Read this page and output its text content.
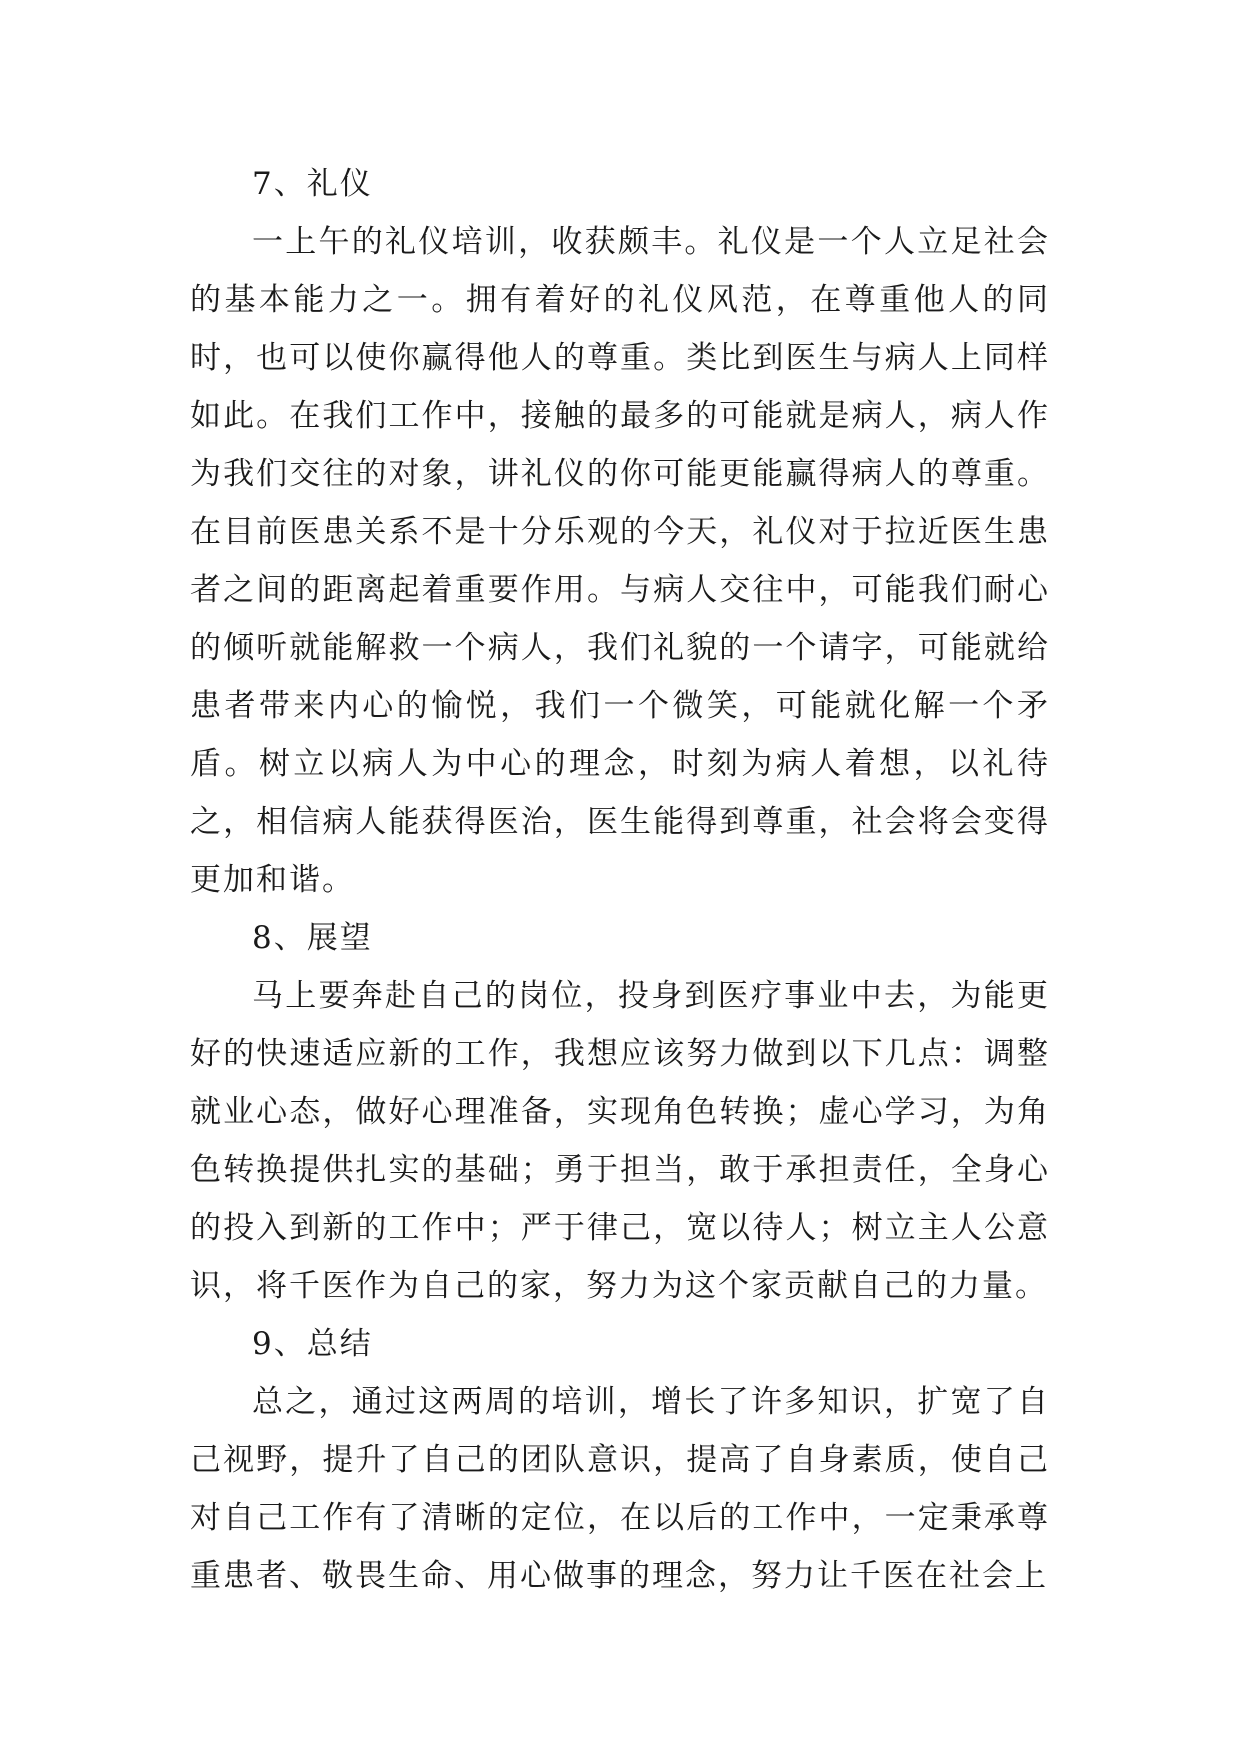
7、礼仪

一上午的礼仪培训，收获颇丰。礼仪是一个人立足社会的基本能力之一。拥有着好的礼仪风范，在尊重他人的同时，也可以使你赢得他人的尊重。类比到医生与病人上同样如此。在我们工作中，接触的最多的可能就是病人，病人作为我们交往的对象，讲礼仪的你可能更能赢得病人的尊重。在目前医患关系不是十分乐观的今天，礼仪对于拉近医生患者之间的距离起着重要作用。与病人交往中，可能我们耐心的倾听就能解救一个病人，我们礼貌的一个请字，可能就给患者带来内心的愉悦，我们一个微笑，可能就化解一个矛盾。树立以病人为中心的理念，时刻为病人着想，以礼待之，相信病人能获得医治，医生能得到尊重，社会将会变得更加和谐。

8、展望

马上要奔赴自己的岗位，投身到医疗事业中去，为能更好的快速适应新的工作，我想应该努力做到以下几点：调整就业心态，做好心理准备，实现角色转换；虚心学习，为角色转换提供扎实的基础；勇于担当，敢于承担责任，全身心的投入到新的工作中；严于律己，宽以待人；树立主人公意识，将千医作为自己的家，努力为这个家贡献自己的力量。

9、总结

总之，通过这两周的培训，增长了许多知识，扩宽了自己视野，提升了自己的团队意识，提高了自身素质，使自己对自己工作有了清晰的定位，在以后的工作中，一定秉承尊重患者、敬畏生命、用心做事的理念，努力让千医在社会上
